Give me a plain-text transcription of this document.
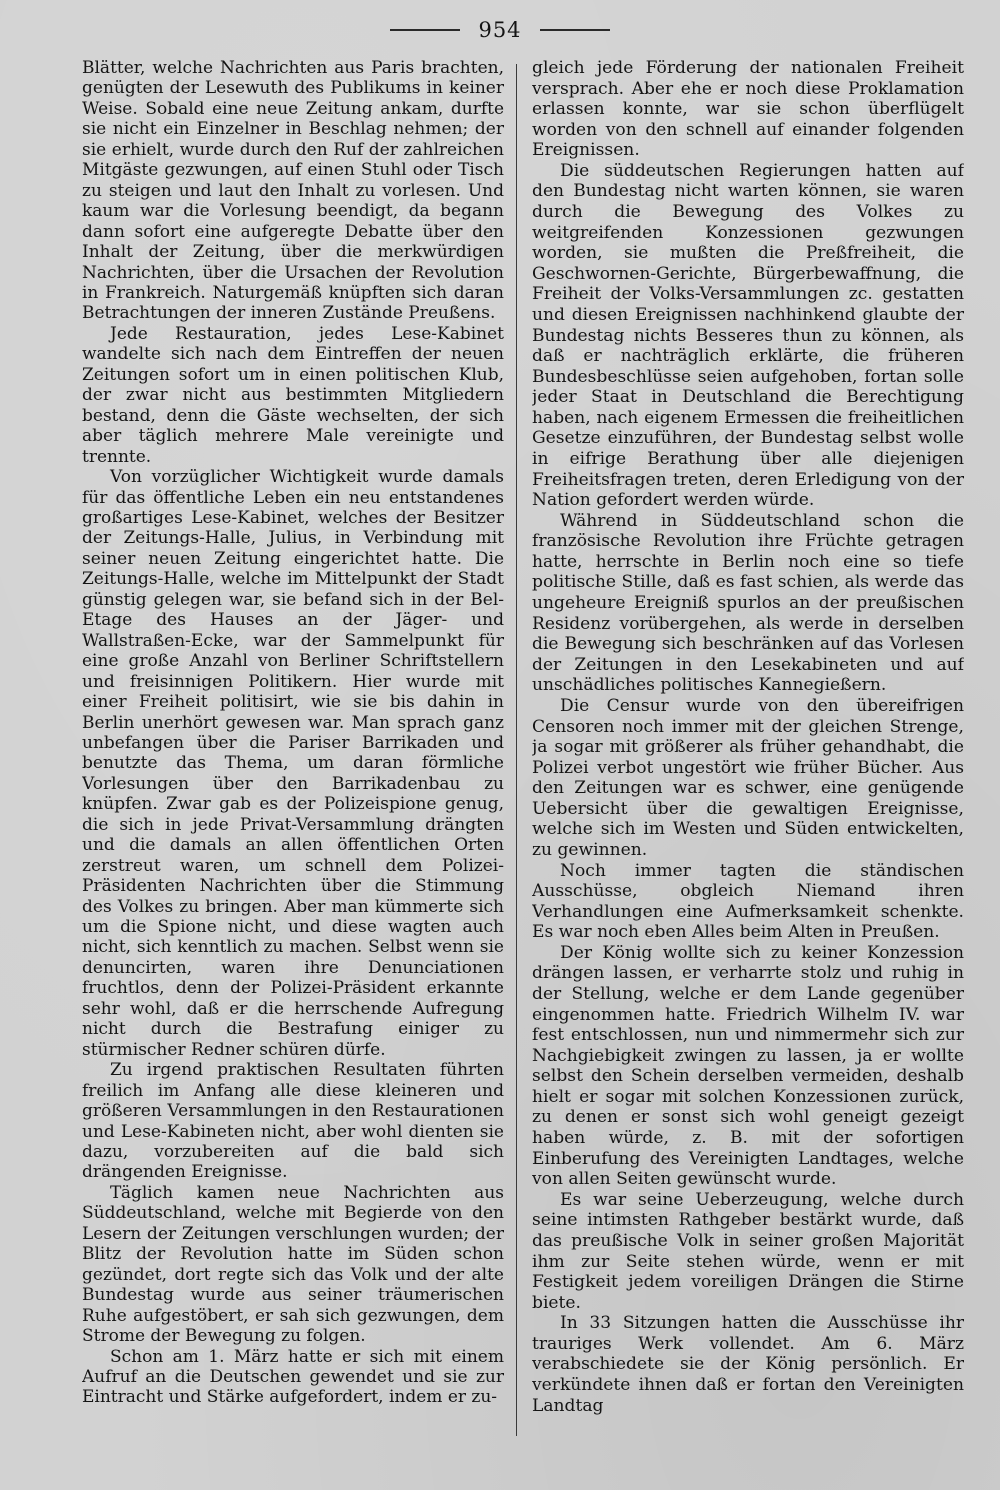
954

Blätter, welche Nachrichten aus Paris brachten, genügten der Lesewuth des Publikums in keiner Weise. Sobald eine neue Zeitung ankam, durfte sie nicht ein Einzelner in Beschlag nehmen; der sie erhielt, wurde durch den Ruf der zahlreichen Mitgäste gezwungen, auf einen Stuhl oder Tisch zu steigen und laut den Inhalt zu vorlesen. Und kaum war die Vorlesung beendigt, da begann dann sofort eine aufgeregte Debatte über den Inhalt der Zeitung, über die merkwürdigen Nachrichten, über die Ursachen der Revolution in Frankreich. Naturgemäß knüpften sich daran Betrachtungen der inneren Zustände Preußens.

Jede Restauration, jedes Lese-Kabinet wandelte sich nach dem Eintreffen der neuen Zeitungen sofort um in einen politischen Klub, der zwar nicht aus bestimmten Mitgliedern bestand, denn die Gäste wechselten, der sich aber täglich mehrere Male vereinigte und trennte.

Von vorzüglicher Wichtigkeit wurde damals für das öffentliche Leben ein neu entstandenes großartiges Lese-Kabinet, welches der Besitzer der Zeitungs-Halle, Julius, in Verbindung mit seiner neuen Zeitung eingerichtet hatte. Die Zeitungs-Halle, welche im Mittelpunkt der Stadt günstig gelegen war, sie befand sich in der Bel-Etage des Hauses an der Jäger- und Wallstraßen-Ecke, war der Sammelpunkt für eine große Anzahl von Berliner Schriftstellern und freisinnigen Politikern. Hier wurde mit einer Freiheit politisirt, wie sie bis dahin in Berlin unerhört gewesen war. Man sprach ganz unbefangen über die Pariser Barrikaden und benutzte das Thema, um daran förmliche Vorlesungen über den Barrikadenbau zu knüpfen. Zwar gab es der Polizeispione genug, die sich in jede Privat-Versammlung drängten und die damals an allen öffentlichen Orten zerstreut waren, um schnell dem Polizei-Präsidenten Nachrichten über die Stimmung des Volkes zu bringen. Aber man kümmerte sich um die Spione nicht, und diese wagten auch nicht, sich kenntlich zu machen. Selbst wenn sie denuncirten, waren ihre Denunciationen fruchtlos, denn der Polizei-Präsident erkannte sehr wohl, daß er die herrschende Aufregung nicht durch die Bestrafung einiger zu stürmischer Redner schüren dürfe.

Zu irgend praktischen Resultaten führten freilich im Anfang alle diese kleineren und größeren Versammlungen in den Restaurationen und Lese-Kabineten nicht, aber wohl dienten sie dazu, vorzubereiten auf die bald sich drängenden Ereignisse.

Täglich kamen neue Nachrichten aus Süddeutschland, welche mit Begierde von den Lesern der Zeitungen verschlungen wurden; der Blitz der Revolution hatte im Süden schon gezündet, dort regte sich das Volk und der alte Bundestag wurde aus seiner träumerischen Ruhe aufgestöbert, er sah sich gezwungen, dem Strome der Bewegung zu folgen.

Schon am 1. März hatte er sich mit einem Aufruf an die Deutschen gewendet und sie zur Eintracht und Stärke aufgefordert, indem er zu-

gleich jede Förderung der nationalen Freiheit versprach. Aber ehe er noch diese Proklamation erlassen konnte, war sie schon überflügelt worden von den schnell auf einander folgenden Ereignissen.

Die süddeutschen Regierungen hatten auf den Bundestag nicht warten können, sie waren durch die Bewegung des Volkes zu weitgreifenden Konzessionen gezwungen worden, sie mußten die Preßfreiheit, die Geschwornen-Gerichte, Bürgerbewaffnung, die Freiheit der Volks-Versammlungen zc. gestatten und diesen Ereignissen nachhinkend glaubte der Bundestag nichts Besseres thun zu können, als daß er nachträglich erklärte, die früheren Bundesbeschlüsse seien aufgehoben, fortan solle jeder Staat in Deutschland die Berechtigung haben, nach eigenem Ermessen die freiheitlichen Gesetze einzuführen, der Bundestag selbst wolle in eifrige Berathung über alle diejenigen Freiheitsfragen treten, deren Erledigung von der Nation gefordert werden würde.

Während in Süddeutschland schon die französische Revolution ihre Früchte getragen hatte, herrschte in Berlin noch eine so tiefe politische Stille, daß es fast schien, als werde das ungeheure Ereigniß spurlos an der preußischen Residenz vorübergehen, als werde in derselben die Bewegung sich beschränken auf das Vorlesen der Zeitungen in den Lesekabineten und auf unschädliches politisches Kannegießern.

Die Censur wurde von den übereifrigen Censoren noch immer mit der gleichen Strenge, ja sogar mit größerer als früher gehandhabt, die Polizei verbot ungestört wie früher Bücher. Aus den Zeitungen war es schwer, eine genügende Uebersicht über die gewaltigen Ereignisse, welche sich im Westen und Süden entwickelten, zu gewinnen.

Noch immer tagten die ständischen Ausschüsse, obgleich Niemand ihren Verhandlungen eine Aufmerksamkeit schenkte. Es war noch eben Alles beim Alten in Preußen.

Der König wollte sich zu keiner Konzession drängen lassen, er verharrte stolz und ruhig in der Stellung, welche er dem Lande gegenüber eingenommen hatte. Friedrich Wilhelm IV. war fest entschlossen, nun und nimmermehr sich zur Nachgiebigkeit zwingen zu lassen, ja er wollte selbst den Schein derselben vermeiden, deshalb hielt er sogar mit solchen Konzessionen zurück, zu denen er sonst sich wohl geneigt gezeigt haben würde, z. B. mit der sofortigen Einberufung des Vereinigten Landtages, welche von allen Seiten gewünscht wurde.

Es war seine Ueberzeugung, welche durch seine intimsten Rathgeber bestärkt wurde, daß das preußische Volk in seiner großen Majorität ihm zur Seite stehen würde, wenn er mit Festigkeit jedem voreiligen Drängen die Stirne biete.

In 33 Sitzungen hatten die Ausschüsse ihr trauriges Werk vollendet. Am 6. März verabschiedete sie der König persönlich. Er verkündete ihnen daß er fortan den Vereinigten Landtag
